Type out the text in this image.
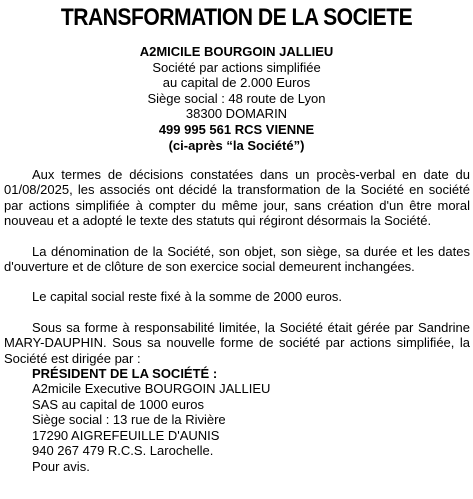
TRANSFORMATION DE LA SOCIETE
A2MICILE BOURGOIN JALLIEU
Société par actions simplifiée
au capital de 2.000 Euros
Siège social : 48 route de Lyon
38300 DOMARIN
499 995 561 RCS VIENNE
(ci-après “la Société”)

Aux termes de décisions constatées dans un procès-verbal en date du 01/08/2025, les associés ont décidé la transformation de la Société en société par actions simplifiée à compter du même jour, sans création d'un être moral nouveau et a adopté le texte des statuts qui régiront désormais la Société.

La dénomination de la Société, son objet, son siège, sa durée et les dates d'ouverture et de clôture de son exercice social demeurent inchangées.

Le capital social reste fixé à la somme de 2000 euros.

Sous sa forme à responsabilité limitée, la Société était gérée par Sandrine MARY-DAUPHIN. Sous sa nouvelle forme de société par actions simplifiée, la Société est dirigée par :

PRÉSIDENT DE LA SOCIÉTÉ :
A2micile Executive BOURGOIN JALLIEU
SAS au capital de 1000 euros
Siège social : 13 rue de la Rivière
17290 AIGREFEUILLE D'AUNIS
940 267 479 R.C.S. Larochelle.
Pour avis.
